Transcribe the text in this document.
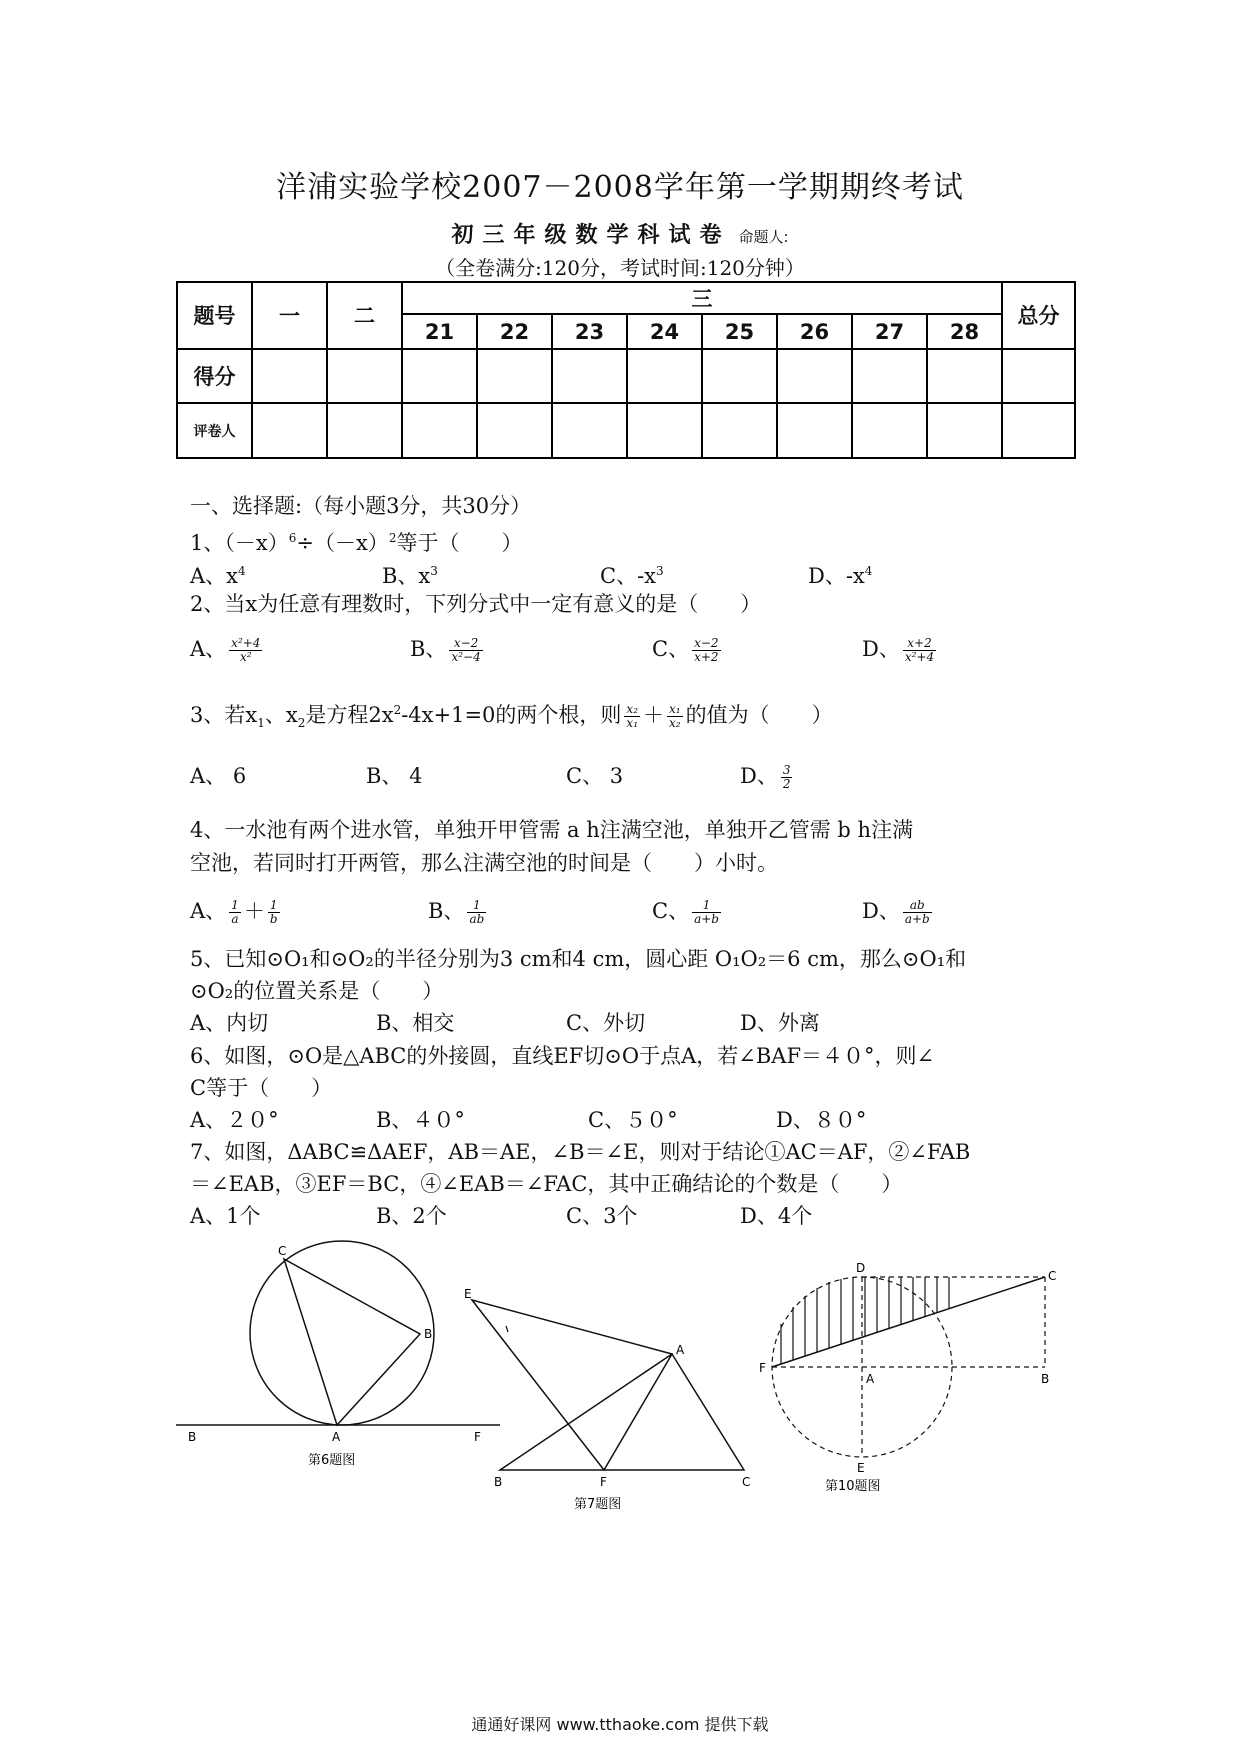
洋浦实验学校2007－2008学年第一学期期终考试
初三年级数学科试卷 命题人:
（全卷满分:120分，考试时间:120分钟）
题号	一	二	三								总分
			21	22	23	24	25	26	27	28	
得分											
评卷人											
一、选择题:（每小题3分，共30分）
1、$(-x)^6\div(-x)^2$等于（　　）
A、$x^4$	B、$x^3$	C、$-x^3$	D、$-x^4$
2、当x为任意有理数时，下列分式中一定有意义的是（　　）
A、 $\frac{\text{x²+4}}{\text{x²}}$	B、 $\frac{x-2}{\text{x²−4}}$	C、 $\frac{x-2}{x+2}$	D、 $\frac{x+2}{\text{x²+4}}$
3、若$x_1$、$x_2$是方程$2x^2-4x+1=0$的两个根，则 $\frac{\text{x₂}}{\text{x₁}} + \frac{\text{x₁}}{\text{x₂}}$ 的值为（　　）
A、 6	B、 4	C、 3	D、 $\frac{3}{2}$
4、一水池有两个进水管，单独开甲管需 a h注满空池，单独开乙管需 b h注满
空池，若同时打开两管，那么注满空池的时间是（　　）小时。
A、 $\frac{1}{a} + \frac{1}{b}$	B、 $\frac{1}{ab}$	C、 $\frac{1}{a+b}$	D、 $\frac{ab}{a+b}$
5、已知⊙O₁和⊙O₂的半径分别为3 cm和4 cm，圆心距 O₁O₂＝6 cm，那么⊙O₁和
⊙O₂的位置关系是（　　）
A、内切	B、相交	C、外切	D、外离
6、如图，⊙O是△ABC的外接圆，直线EF切⊙O于点A，若∠BAF＝４０°，则∠
C等于（　　）
A、２０°	B、４０°	C、５０°	D、８０°
7、如图，ΔABC≌ΔAEF，AB＝AE，∠B＝∠E，则对于结论①AC＝AF，②∠FAB
＝∠EAB，③EF＝BC，④∠EAB＝∠FAC，其中正确结论的个数是（　　）
A、1个	B、2个	C、3个	D、4个
C
B
A
B	F
第6题图
E
A
B	F	C
第7题图
D
C
F
A	B
E
第10题图
通通好课网 www.tthaoke.com 提供下载
